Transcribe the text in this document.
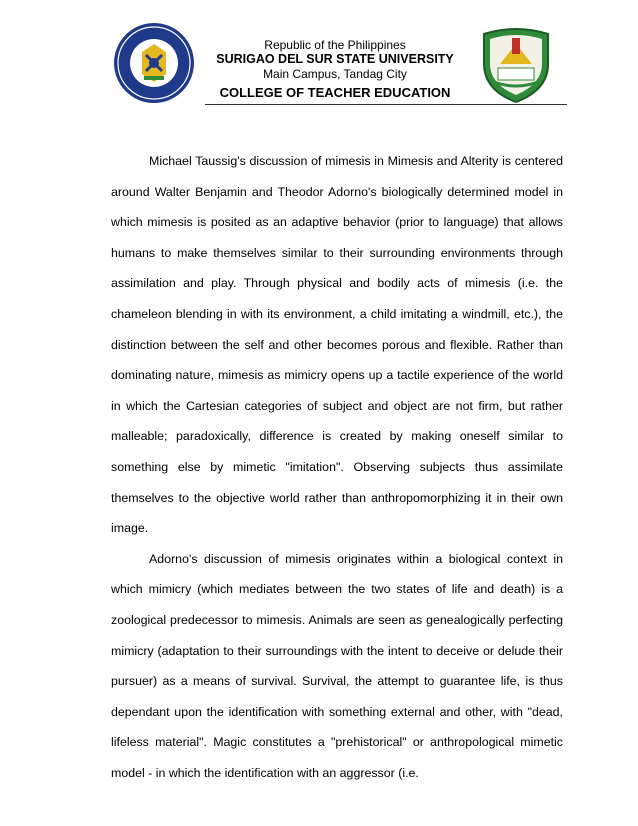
Republic of the Philippines
SURIGAO DEL SUR STATE UNIVERSITY
Main Campus, Tandag City
COLLEGE OF TEACHER EDUCATION

Michael Taussig's discussion of mimesis in Mimesis and Alterity is centered around Walter Benjamin and Theodor Adorno's biologically determined model in which mimesis is posited as an adaptive behavior (prior to language) that allows humans to make themselves similar to their surrounding environments through assimilation and play. Through physical and bodily acts of mimesis (i.e. the chameleon blending in with its environment, a child imitating a windmill, etc.), the distinction between the self and other becomes porous and flexible. Rather than dominating nature, mimesis as mimicry opens up a tactile experience of the world in which the Cartesian categories of subject and object are not firm, but rather malleable; paradoxically, difference is created by making oneself similar to something else by mimetic "imitation". Observing subjects thus assimilate themselves to the objective world rather than anthropomorphizing it in their own image.

Adorno's discussion of mimesis originates within a biological context in which mimicry (which mediates between the two states of life and death) is a zoological predecessor to mimesis. Animals are seen as genealogically perfecting mimicry (adaptation to their surroundings with the intent to deceive or delude their pursuer) as a means of survival. Survival, the attempt to guarantee life, is thus dependant upon the identification with something external and other, with "dead, lifeless material". Magic constitutes a "prehistorical" or anthropological mimetic model - in which the identification with an aggressor (i.e.
